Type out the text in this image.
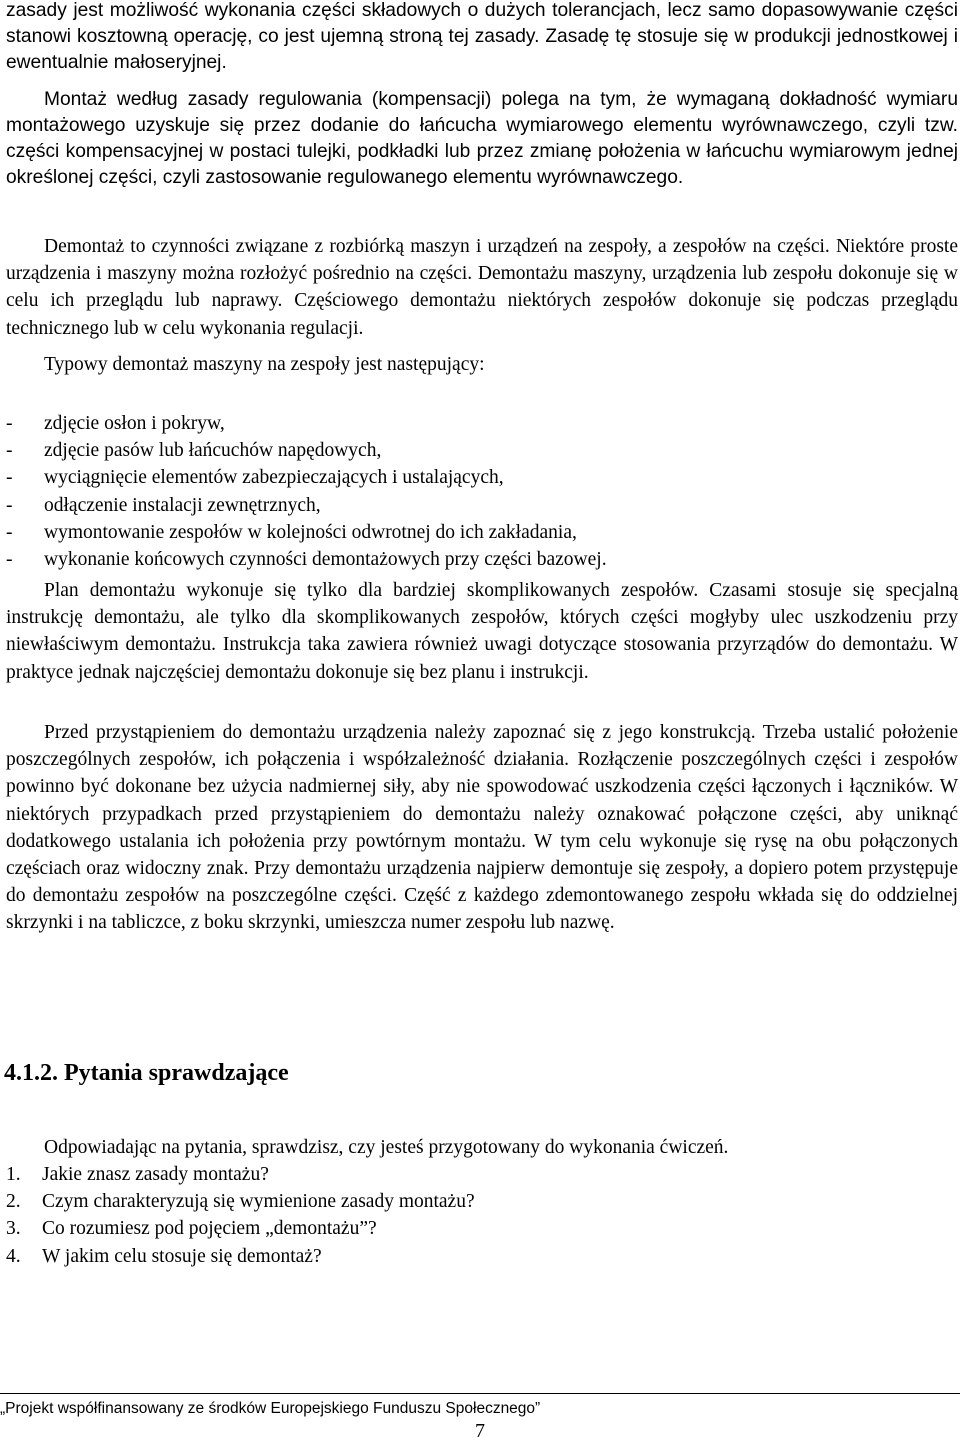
zasady jest możliwość wykonania części składowych o dużych tolerancjach, lecz samo dopasowywanie części stanowi kosztowną operację, co jest ujemną stroną tej zasady. Zasadę tę stosuje się w produkcji jednostkowej i ewentualnie małoseryjnej.

Montaż według zasady regulowania (kompensacji) polega na tym, że wymaganą dokładność wymiaru montażowego uzyskuje się przez dodanie do łańcucha wymiarowego elementu wyrównawczego, czyli tzw. części kompensacyjnej w postaci tulejki, podkładki lub przez zmianę położenia w łańcuchu wymiarowym jednej określonej części, czyli zastosowanie regulowanego elementu wyrównawczego.

Demontaż to czynności związane z rozbiórką maszyn i urządzeń na zespoły, a zespołów na części. Niektóre proste urządzenia i maszyny można rozłożyć pośrednio na części. Demontażu maszyny, urządzenia lub zespołu dokonuje się w celu ich przeglądu lub naprawy. Częściowego demontażu niektórych zespołów dokonuje się podczas przeglądu technicznego lub w celu wykonania regulacji.

Typowy demontaż maszyny na zespoły jest następujący:

- zdjęcie osłon i pokryw,
- zdjęcie pasów lub łańcuchów napędowych,
- wyciągnięcie elementów zabezpieczających i ustalających,
- odłączenie instalacji zewnętrznych,
- wymontowanie zespołów w kolejności odwrotnej do ich zakładania,
- wykonanie końcowych czynności demontażowych przy części bazowej.

Plan demontażu wykonuje się tylko dla bardziej skomplikowanych zespołów. Czasami stosuje się specjalną instrukcję demontażu, ale tylko dla skomplikowanych zespołów, których części mogłyby ulec uszkodzeniu przy niewłaściwym demontażu. Instrukcja taka zawiera również uwagi dotyczące stosowania przyrządów do demontażu. W praktyce jednak najczęściej demontażu dokonuje się bez planu i instrukcji.

Przed przystąpieniem do demontażu urządzenia należy zapoznać się z jego konstrukcją. Trzeba ustalić położenie poszczególnych zespołów, ich połączenia i współzależność działania. Rozłączenie poszczególnych części i zespołów powinno być dokonane bez użycia nadmiernej siły, aby nie spowodować uszkodzenia części łączonych i łączników. W niektórych przypadkach przed przystąpieniem do demontażu należy oznakować połączone części, aby uniknąć dodatkowego ustalania ich położenia przy powtórnym montażu. W tym celu wykonuje się rysę na obu połączonych częściach oraz widoczny znak. Przy demontażu urządzenia najpierw demontuje się zespoły, a dopiero potem przystępuje do demontażu zespołów na poszczególne części. Część z każdego zdemontowanego zespołu wkłada się do oddzielnej skrzynki i na tabliczce, z boku skrzynki, umieszcza numer zespołu lub nazwę.

4.1.2. Pytania sprawdzające

Odpowiadając na pytania, sprawdzisz, czy jesteś przygotowany do wykonania ćwiczeń.

1. Jakie znasz zasady montażu?
2. Czym charakteryzują się wymienione zasady montażu?
3. Co rozumiesz pod pojęciem „demontażu”?
4. W jakim celu stosuje się demontaż?
„Projekt współfinansowany ze środków Europejskiego Funduszu Społecznego”
7
